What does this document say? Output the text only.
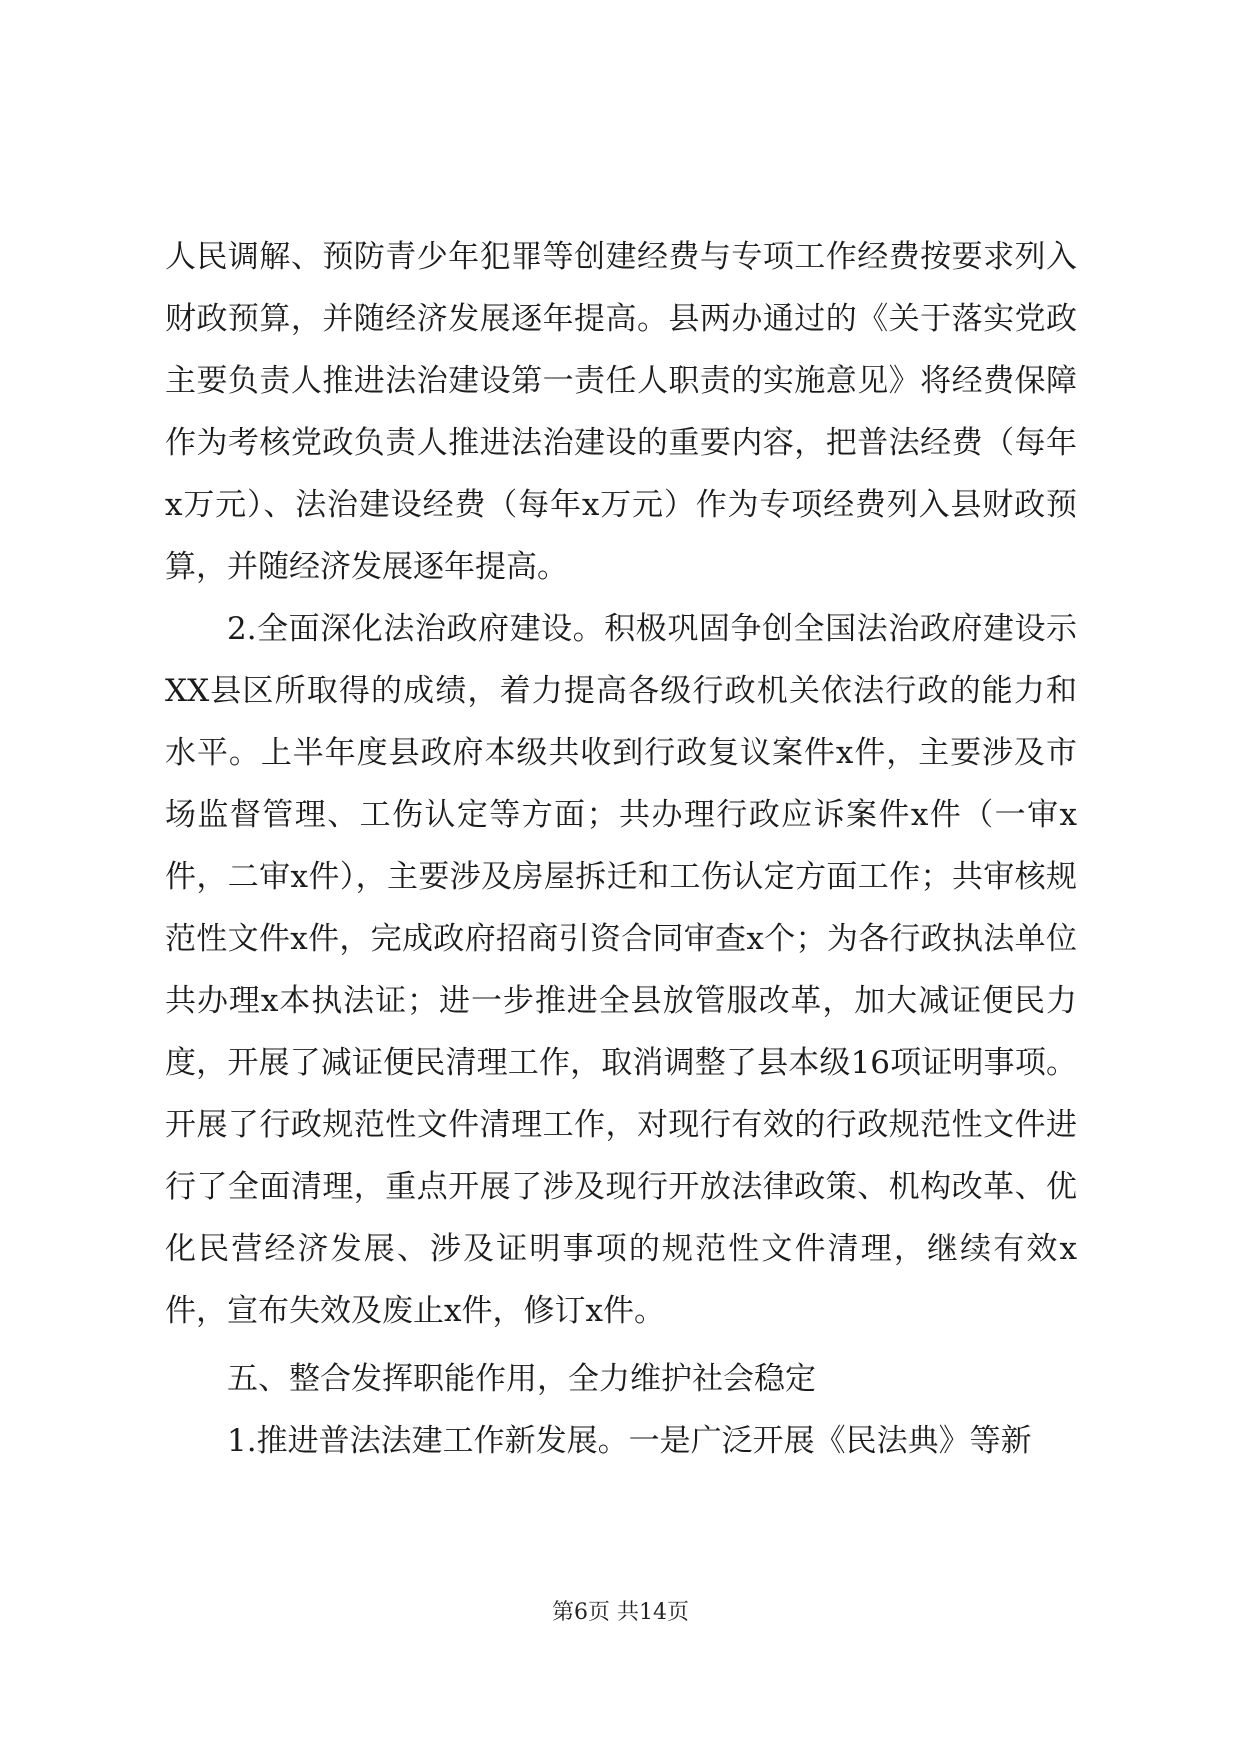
人民调解、预防青少年犯罪等创建经费与专项工作经费按要求列入财政预算，并随经济发展逐年提高。县两办通过的《关于落实党政主要负责人推进法治建设第一责任人职责的实施意见》将经费保障作为考核党政负责人推进法治建设的重要内容，把普法经费（每年x万元）、法治建设经费（每年x万元）作为专项经费列入县财政预算，并随经济发展逐年提高。

2.全面深化法治政府建设。积极巩固争创全国法治政府建设示XX县区所取得的成绩，着力提高各级行政机关依法行政的能力和水平。上半年度县政府本级共收到行政复议案件x件，主要涉及市场监督管理、工伤认定等方面；共办理行政应诉案件x件（一审x件，二审x件），主要涉及房屋拆迁和工伤认定方面工作；共审核规范性文件x件，完成政府招商引资合同审查x个；为各行政执法单位共办理x本执法证；进一步推进全县放管服改革，加大减证便民力度，开展了减证便民清理工作，取消调整了县本级16项证明事项。开展了行政规范性文件清理工作，对现行有效的行政规范性文件进行了全面清理，重点开展了涉及现行开放法律政策、机构改革、优化民营经济发展、涉及证明事项的规范性文件清理，继续有效x件，宣布失效及废止x件，修订x件。

五、整合发挥职能作用，全力维护社会稳定

1.推进普法法建工作新发展。一是广泛开展《民法典》等新

第6页 共14页
